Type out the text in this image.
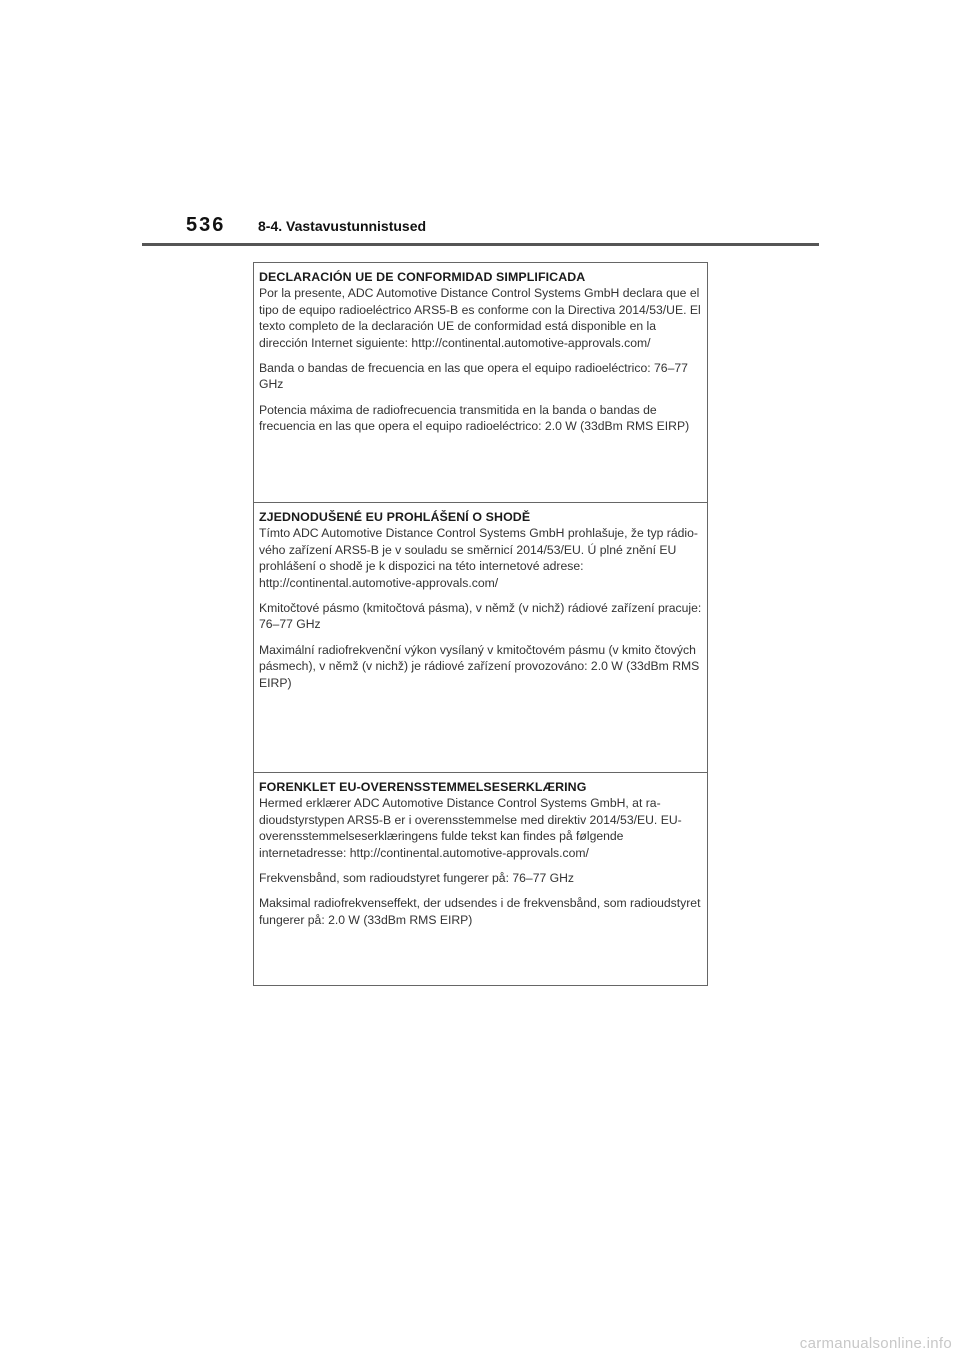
536 8-4. Vastavustunnistused
DECLARACIÓN UE DE CONFORMIDAD SIMPLIFICADA

Por la presente, ADC Automotive Distance Control Systems GmbH declara que el tipo de equipo radioeléctrico ARS5-B es conforme con la Directiva 2014/53/UE. El texto completo de la declaración UE de conformidad está disponible en la dirección Internet siguiente: http://continental.automotive-approvals.com/

Banda o bandas de frecuencia en las que opera el equipo radioeléctrico: 76–77 GHz

Potencia máxima de radiofrecuencia transmitida en la banda o bandas de frecuencia en las que opera el equipo radioeléctrico: 2.0 W (33dBm RMS EIRP)

ZJEDNODUŠENÉ EU PROHLÁŠENÍ O SHODĚ

Tímto ADC Automotive Distance Control Systems GmbH prohlašuje, že typ rádio-vého zařízení ARS5-B je v souladu se směrnicí 2014/53/EU. Ú plné znění EU prohlášení o shodě je k dispozici na této internetové adrese: http://continental.automotive-approvals.com/

Kmitočtové pásmo (kmitočtová pásma), v němž (v nichž) rádiové zařízení pracuje: 76–77 GHz

Maximální radiofrekvenční výkon vysílaný v kmitočtovém pásmu (v kmito čtových pásmech), v němž (v nichž) je rádiové zařízení provozováno: 2.0 W (33dBm RMS EIRP)

FORENKLET EU-OVERENSSTEMMELSESERKLÆRING

Hermed erklærer ADC Automotive Distance Control Systems GmbH, at ra-dioudstyrstypen ARS5-B er i overensstemmelse med direktiv 2014/53/EU. EU-overensstemmelseserklæringens fulde tekst kan findes på følgende internetadresse: http://continental.automotive-approvals.com/

Frekvensbånd, som radioudstyret fungerer på: 76–77 GHz

Maksimal radiofrekvenseffekt, der udsendes i de frekvensbånd, som radioudstyret fungerer på: 2.0 W (33dBm RMS EIRP)

carmanualsonline.info
